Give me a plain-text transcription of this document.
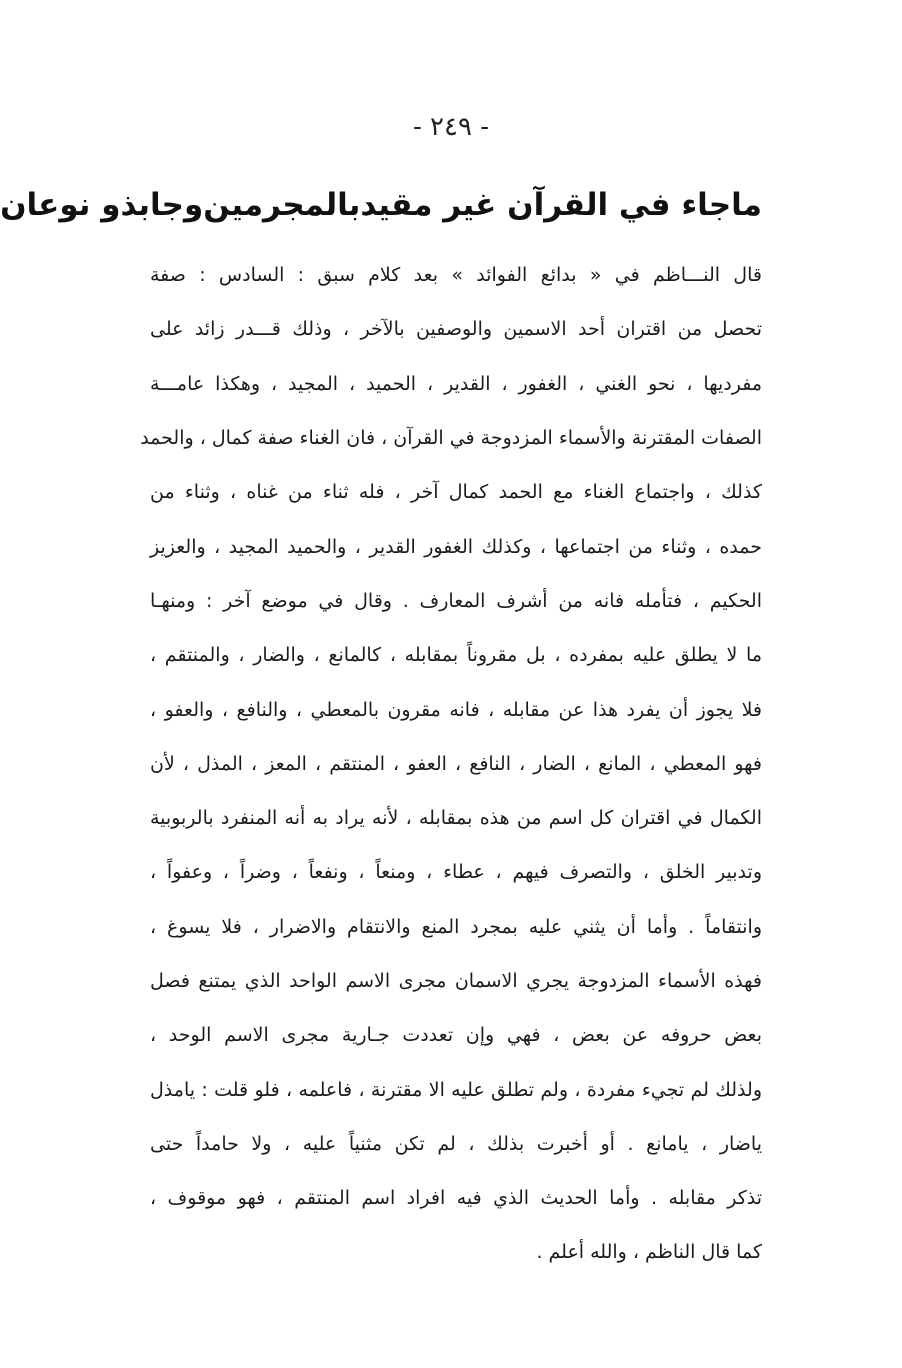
- ٢٤٩ -
ماجاء في القرآن غير مقيد
بالمجرمين
وجابذو نوعان
قال النـــاظم في « بدائع الفوائد » بعد كلام سبق : السادس : صفة
تحصل من اقتران أحد الاسمين والوصفين بالآخر ، وذلك قـــدر زائد على
مفرديها ، نحو الغني ، الغفور ، القدير ، الحميد ، المجيد ، وهكذا عامـــة
الصفات المقترنة والأسماء المزدوجة في القرآن ، فان الغناء صفة كمال ، والحمد
كذلك ، واجتماع الغناء مع الحمد كمال آخر ، فله ثناء من غناه ، وثناء من
حمده ، وثناء من اجتماعها ، وكذلك الغفور القدير ، والحميد المجيد ، والعزيز
الحكيم ، فتأمله فانه من أشرف المعارف . وقال في موضع آخر : ومنهـا
ما لا يطلق عليه بمفرده ، بل مقروناً بمقابله ، كالمانع ، والضار ، والمنتقم ،
فلا يجوز أن يفرد هذا عن مقابله ، فانه مقرون بالمعطي ، والنافع ، والعفو ،
فهو المعطي ، المانع ، الضار ، النافع ، العفو ، المنتقم ، المعز ، المذل ، لأن
الكمال في اقتران كل اسم من هذه بمقابله ، لأنه يراد به أنه المنفرد بالربوبية
وتدبير الخلق ، والتصرف فيهم ، عطاء ، ومنعاً ، ونفعاً ، وضراً ، وعفواً ،
وانتقاماً . وأما أن يثني عليه بمجرد المنع والانتقام والاضرار ، فلا يسوغ ،
فهذه الأسماء المزدوجة يجري الاسمان مجرى الاسم الواحد الذي يمتنع فصل
بعض حروفه عن بعض ، فهي وإن تعددت جـارية مجرى الاسم الوحد ،
ولذلك لم تجيء مفردة ، ولم تطلق عليه الا مقترنة ، فاعلمه ، فلو قلت : يامذل
ياضار ، يامانع . أو أخبرت بذلك ، لم تكن مثنياً عليه ، ولا حامداً حتى
تذكر مقابله . وأما الحديث الذي فيه افراد اسم المنتقم ، فهو موقوف ،
كما قال الناظم ، والله أعلم .
